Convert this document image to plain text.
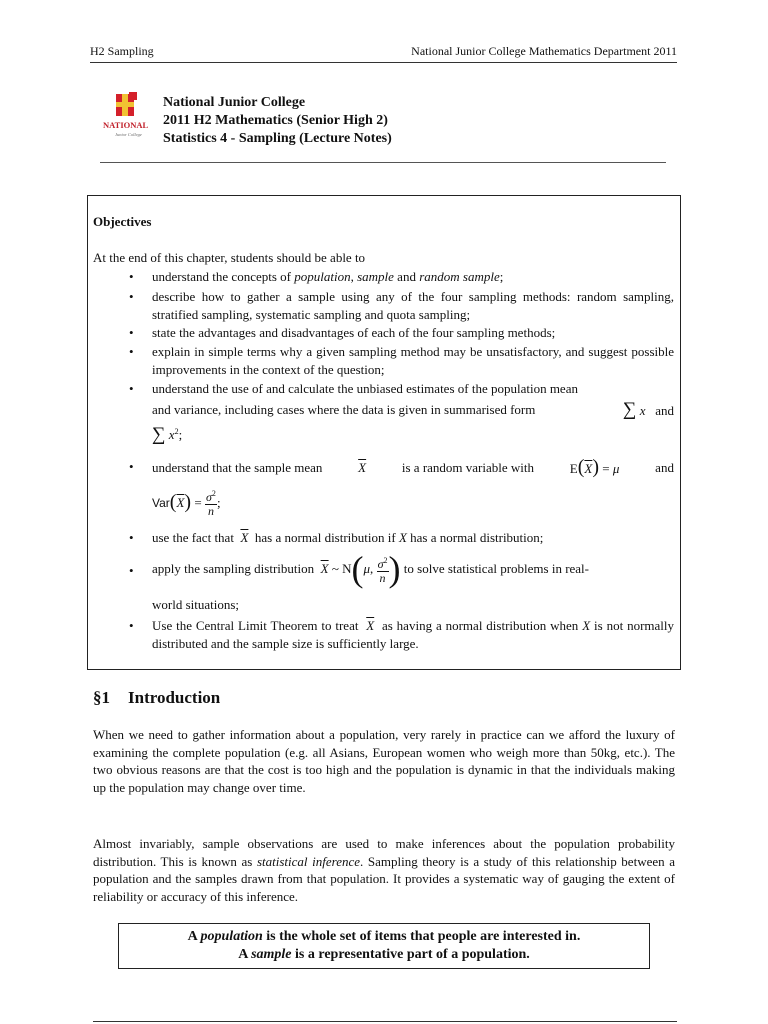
H2 Sampling	National Junior College Mathematics Department 2011
NATIONAL
Junior College
National Junior College
2011 H2 Mathematics (Senior High 2)
Statistics 4 - Sampling (Lecture Notes)
Objectives
At the end of this chapter, students should be able to
• understand the concepts of population, sample and random sample;
• describe how to gather a sample using any of the four sampling methods: random sampling, stratified sampling, systematic sampling and quota sampling;
• state the advantages and disadvantages of each of the four sampling methods;
• explain in simple terms why a given sampling method may be unsatisfactory, and suggest possible improvements in the context of the question;
• understand the use of and calculate the unbiased estimates of the population mean
and variance, including cases where the data is given in summarised form	∑ x and
∑
$x^2$ ;
• understand that the sample mean	$\overline{X}$	is a random variable with	$E(\overline{X}) = \mu$	and
Var ( $\overline{X}$ ) = $\sigma^2$
n
;
• use the fact that $\overline{X}$ has a normal distribution if X has a normal distribution;
• apply the sampling distribution
$\overline{X}$ ~ N ( μ , $\sigma^2$
n )
to solve statistical problems in real-
world situations;
• Use the Central Limit Theorem to treat $\overline{X}$ as having a normal distribution when X is not normally distributed and the sample size is sufficiently large.
§1 Introduction
When we need to gather information about a population, very rarely in practice can we afford the luxury of examining the complete population (e.g. all Asians, European women who weigh more than 50kg, etc.). The two obvious reasons are that the cost is too high and the population is dynamic in that the individuals making up the population may change over time.
Almost invariably, sample observations are used to make inferences about the population probability distribution. This is known as statistical inference. Sampling theory is a study of this relationship between a population and the samples drawn from that population. It provides a systematic way of gauging the extent of reliability or accuracy of this inference.
A population is the whole set of items that people are interested in.
A sample is a representative part of a population.
